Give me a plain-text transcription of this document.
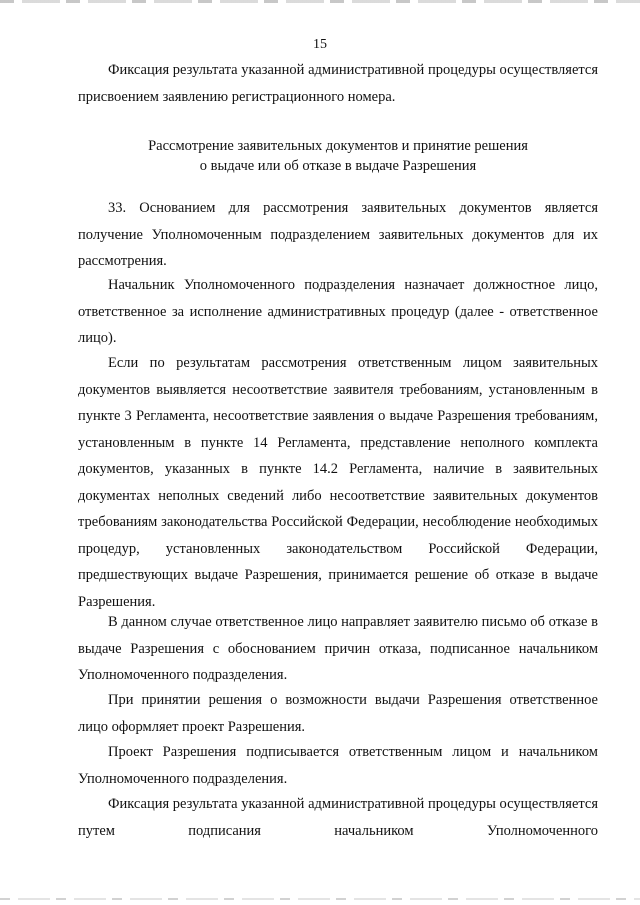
15

Фиксация результата указанной административной процедуры осуществляется присвоением заявлению регистрационного номера.

Рассмотрение заявительных документов и принятие решения
о выдаче или об отказе в выдаче Разрешения

33. Основанием для рассмотрения заявительных документов является получение Уполномоченным подразделением заявительных документов для их рассмотрения.

Начальник Уполномоченного подразделения назначает должностное лицо, ответственное за исполнение административных процедур (далее - ответственное лицо).

Если по результатам рассмотрения ответственным лицом заявительных документов выявляется несоответствие заявителя требованиям, установленным в пункте 3 Регламента, несоответствие заявления о выдаче Разрешения требованиям, установленным в пункте 14 Регламента, представление неполного комплекта документов, указанных в пункте 14.2 Регламента, наличие в заявительных документах неполных сведений либо несоответствие заявительных документов требованиям законодательства Российской Федерации, несоблюдение необходимых процедур, установленных законодательством Российской Федерации, предшествующих выдаче Разрешения, принимается решение об отказе в выдаче Разрешения.

В данном случае ответственное лицо направляет заявителю письмо об отказе в выдаче Разрешения с обоснованием причин отказа, подписанное начальником Уполномоченного подразделения.

При принятии решения о возможности выдачи Разрешения ответственное лицо оформляет проект Разрешения.

Проект Разрешения подписывается ответственным лицом и начальником Уполномоченного подразделения.

Фиксация результата указанной административной процедуры осуществляется путем подписания начальником Уполномоченного
